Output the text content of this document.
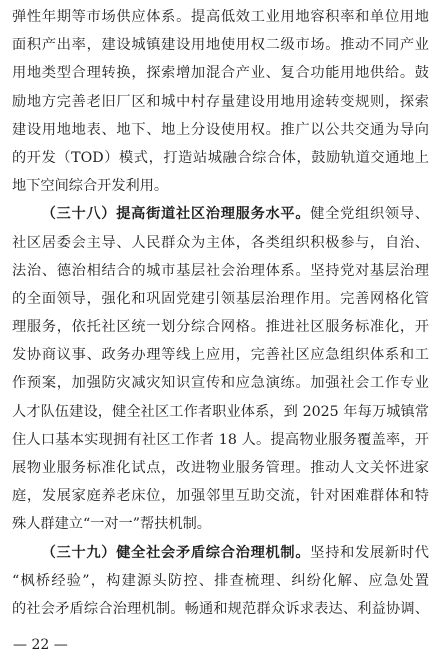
弹性年期等市场供应体系。提高低效工业用地容积率和单位用地
面积产出率，建设城镇建设用地使用权二级市场。推动不同产业
用地类型合理转换，探索增加混合产业、复合功能用地供给。鼓
励地方完善老旧厂区和城中村存量建设用地用途转变规则，探索
建设用地地表、地下、地上分设使用权。推广以公共交通为导向
的开发（TOD）模式，打造站城融合综合体，鼓励轨道交通地上
地下空间综合开发利用。
（三十八）提高街道社区治理服务水平。健全党组织领导、
社区居委会主导、人民群众为主体，各类组织积极参与，自治、
法治、德治相结合的城市基层社会治理体系。坚持党对基层治理
的全面领导，强化和巩固党建引领基层治理作用。完善网格化管
理服务，依托社区统一划分综合网格。推进社区服务标准化，开
发协商议事、政务办理等线上应用，完善社区应急组织体系和工
作预案，加强防灾减灾知识宣传和应急演练。加强社会工作专业
人才队伍建设，健全社区工作者职业体系，到 2025 年每万城镇常
住人口基本实现拥有社区工作者 18 人。提高物业服务覆盖率，开
展物业服务标准化试点，改进物业服务管理。推动人文关怀进家
庭，发展家庭养老床位，加强邻里互助交流，针对困难群体和特
殊人群建立“一对一”帮扶机制。
（三十九）健全社会矛盾综合治理机制。坚持和发展新时代
“枫桥经验”，构建源头防控、排查梳理、纠纷化解、应急处置
的社会矛盾综合治理机制。畅通和规范群众诉求表达、利益协调、
— 22 —
